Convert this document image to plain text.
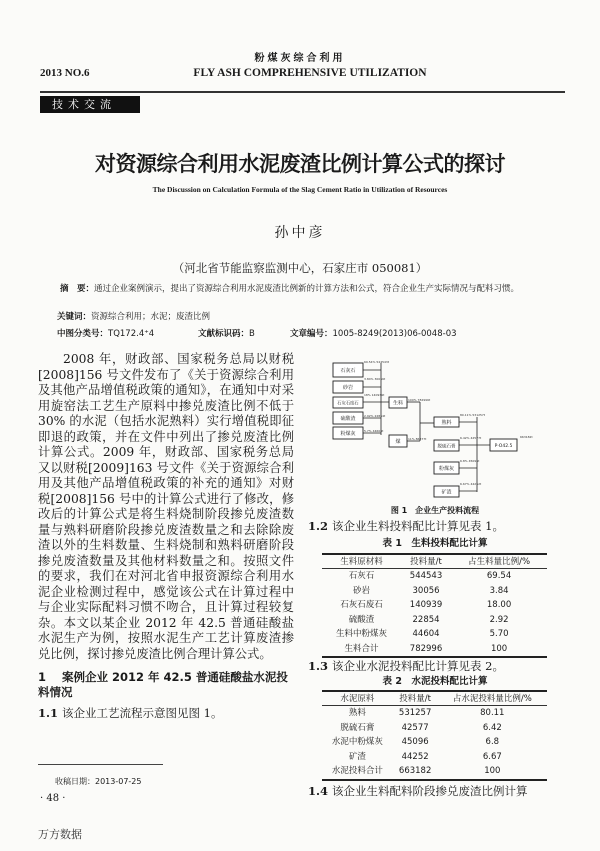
粉煤灰综合利用
2013 NO.6	FLY ASH COMPREHENSIVE UTILIZATION
技术交流
对资源综合利用水泥废渣比例计算公式的探讨
The Discussion on Calculation Formula of the Slag Cement Ratio in Utilization of Resources
孙中彦
（河北省节能监察监测中心，石家庄市 050081）
摘　要：通过企业案例演示，提出了资源综合利用水泥废渣比例新的计算方法和公式，符合企业生产实际情况与配料习惯。
关键词：资源综合利用；水泥；废渣比例
中图分类号：TQ172.4⁺4	文献标识码：B	文章编号：1005-8249(2013)06-0048-03
2008 年，财政部、国家税务总局以财税[2008]156 号文件发布了《关于资源综合利用及其他产品增值税政策的通知》，在通知中对采用旋窑法工艺生产原料中掺兑废渣比例不低于 30% 的水泥（包括水泥熟料）实行增值税即征即退的政策，并在文件中列出了掺兑废渣比例计算公式。2009 年，财政部、国家税务总局又以财税[2009]163 号文件《关于资源综合利用及其他产品增值税政策的补充的通知》对财税[2008]156 号中的计算公式进行了修改，修改后的计算公式是将生料烧制阶段掺兑废渣数量与熟料研磨阶段掺兑废渣数量之和去除除废渣以外的生料数量、生料烧制和熟料研磨阶段掺兑废渣数量及其他材料数量之和。按照文件的要求，我们在对河北省申报资源综合利用水泥企业检测过程中，感觉该公式在计算过程中与企业实际配料习惯不吻合，且计算过程较复杂。本文以某企业 2012 年 42.5 普通硅酸盐水泥生产为例，按照水泥生产工艺计算废渣掺兑比例，探讨掺兑废渣比例合理计算公式。
1 案例企业 2012 年 42.5 普通硅酸盐水泥投料情况
1.1 该企业工艺流程示意图见图 1。
收稿日期：2013-07-25
· 48 ·
万方数据
石灰石
砂岩
石灰石废石
硫酸渣
粉煤灰
生料
煤
熟料
脱硫石膏
粉煤灰
矿渣
P·O42.5
69.54% 544543t
3.84% 30056t
18% 140939t
2.92% 22854t
5.7% 44604t
100% 782996t
11% 86377t
80.11% 531257t
6.42% 42577t
6.8% 45096t
6.67% 44252t
663182t
图 1　企业生产投料流程
1.2 该企业生料投料配比计算见表 1。
表 1　生料投料配比计算
生料原材料	投料量/t	占生料量比例/%
石灰石	544543	69.54
砂岩	30056	3.84
石灰石废石	140939	18.00
硫酸渣	22854	2.92
生料中粉煤灰	44604	5.70
生料合计	782996	100
1.3 该企业水泥投料配比计算见表 2。
表 2　水泥投料配比计算
水泥原料	投料量/t	占水泥投料量比例/%
熟料	531257	80.11
脱硫石膏	42577	6.42
水泥中粉煤灰	45096	6.8
矿渣	44252	6.67
水泥投料合计	663182	100
1.4 该企业生料配料阶段掺兑废渣比例计算
